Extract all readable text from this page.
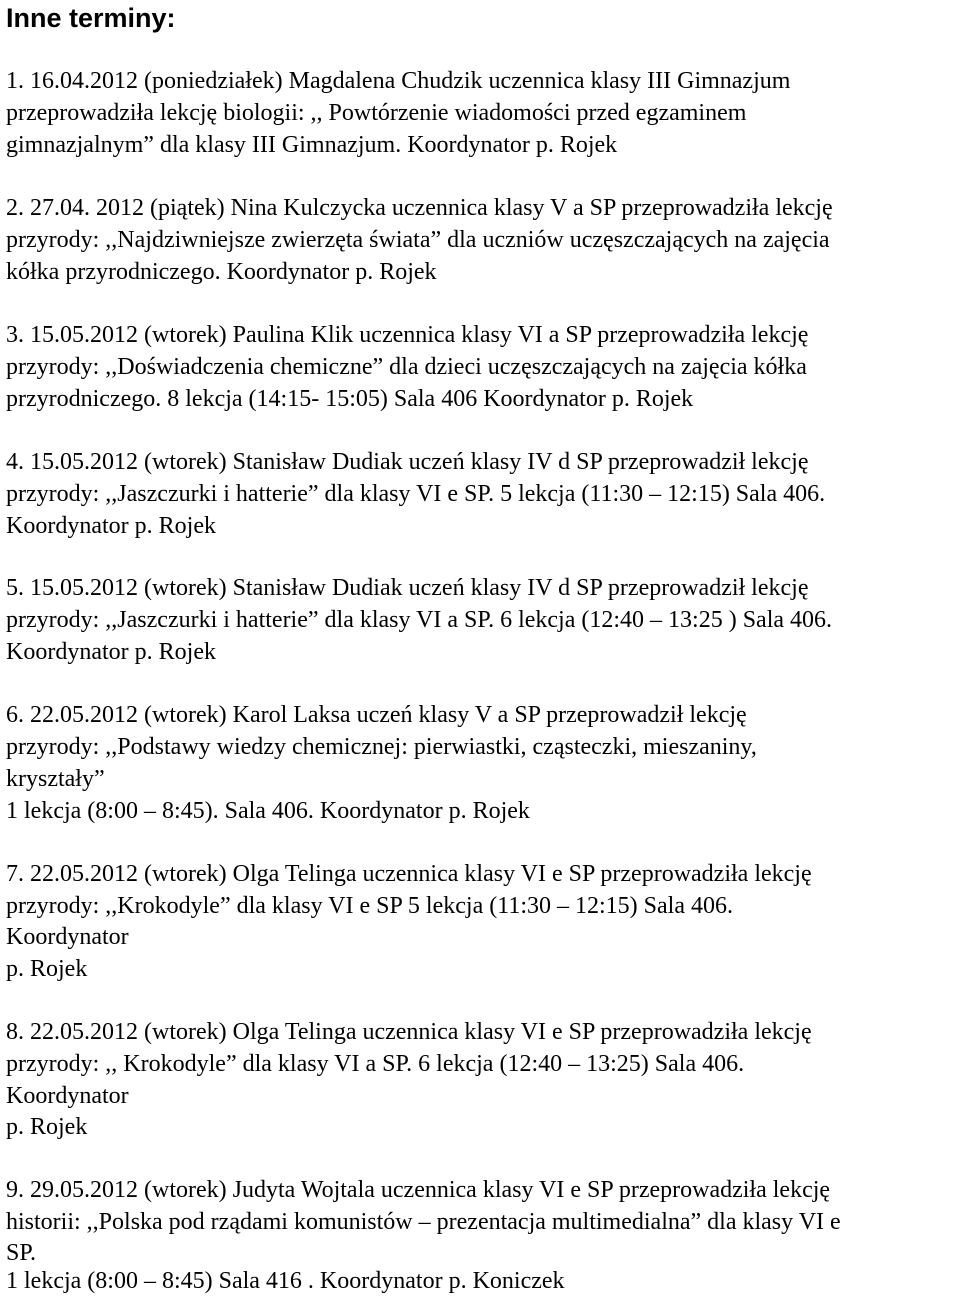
Inne terminy:

1. 16.04.2012 (poniedziałek) Magdalena Chudzik uczennica klasy III Gimnazjum

przeprowadziła lekcję biologii: ,, Powtórzenie wiadomości przed egzaminem

gimnazjalnym” dla klasy III Gimnazjum. Koordynator p. Rojek

2. 27.04. 2012 (piątek) Nina Kulczycka uczennica klasy V a SP przeprowadziła lekcję

przyrody: ,,Najdziwniejsze zwierzęta świata” dla uczniów uczęszczających na zajęcia

kółka przyrodniczego. Koordynator p. Rojek

3. 15.05.2012 (wtorek) Paulina Klik uczennica klasy VI a SP przeprowadziła lekcję

przyrody: ,,Doświadczenia chemiczne” dla dzieci uczęszczających na zajęcia kółka

przyrodniczego. 8 lekcja (14:15- 15:05) Sala 406 Koordynator p. Rojek

4. 15.05.2012 (wtorek) Stanisław Dudiak uczeń klasy IV d SP przeprowadził lekcję

przyrody: ,,Jaszczurki i hatterie” dla klasy VI e SP. 5 lekcja (11:30 – 12:15) Sala 406.

Koordynator p. Rojek

5. 15.05.2012 (wtorek) Stanisław Dudiak uczeń klasy IV d SP przeprowadził lekcję

przyrody: ,,Jaszczurki i hatterie” dla klasy VI a SP. 6 lekcja (12:40 – 13:25 ) Sala 406.

Koordynator p. Rojek

6. 22.05.2012 (wtorek) Karol Laksa uczeń klasy V a SP przeprowadził lekcję

przyrody: ,,Podstawy wiedzy chemicznej: pierwiastki, cząsteczki, mieszaniny,

kryształy”

1 lekcja (8:00 – 8:45). Sala 406. Koordynator p. Rojek

7. 22.05.2012 (wtorek) Olga Telinga uczennica klasy VI e SP przeprowadziła lekcję

przyrody: ,,Krokodyle” dla klasy VI e SP 5 lekcja (11:30 – 12:15) Sala 406.

Koordynator

p. Rojek

8. 22.05.2012 (wtorek) Olga Telinga uczennica klasy VI e SP przeprowadziła lekcję

przyrody: ,, Krokodyle” dla klasy VI a SP. 6 lekcja (12:40 – 13:25) Sala 406.

Koordynator

p. Rojek

9. 29.05.2012 (wtorek) Judyta Wojtala uczennica klasy VI e SP przeprowadziła lekcję

historii: ,,Polska pod rządami komunistów – prezentacja multimedialna” dla klasy VI e

SP.

1 lekcja (8:00 – 8:45) Sala 416 . Koordynator p. Koniczek
